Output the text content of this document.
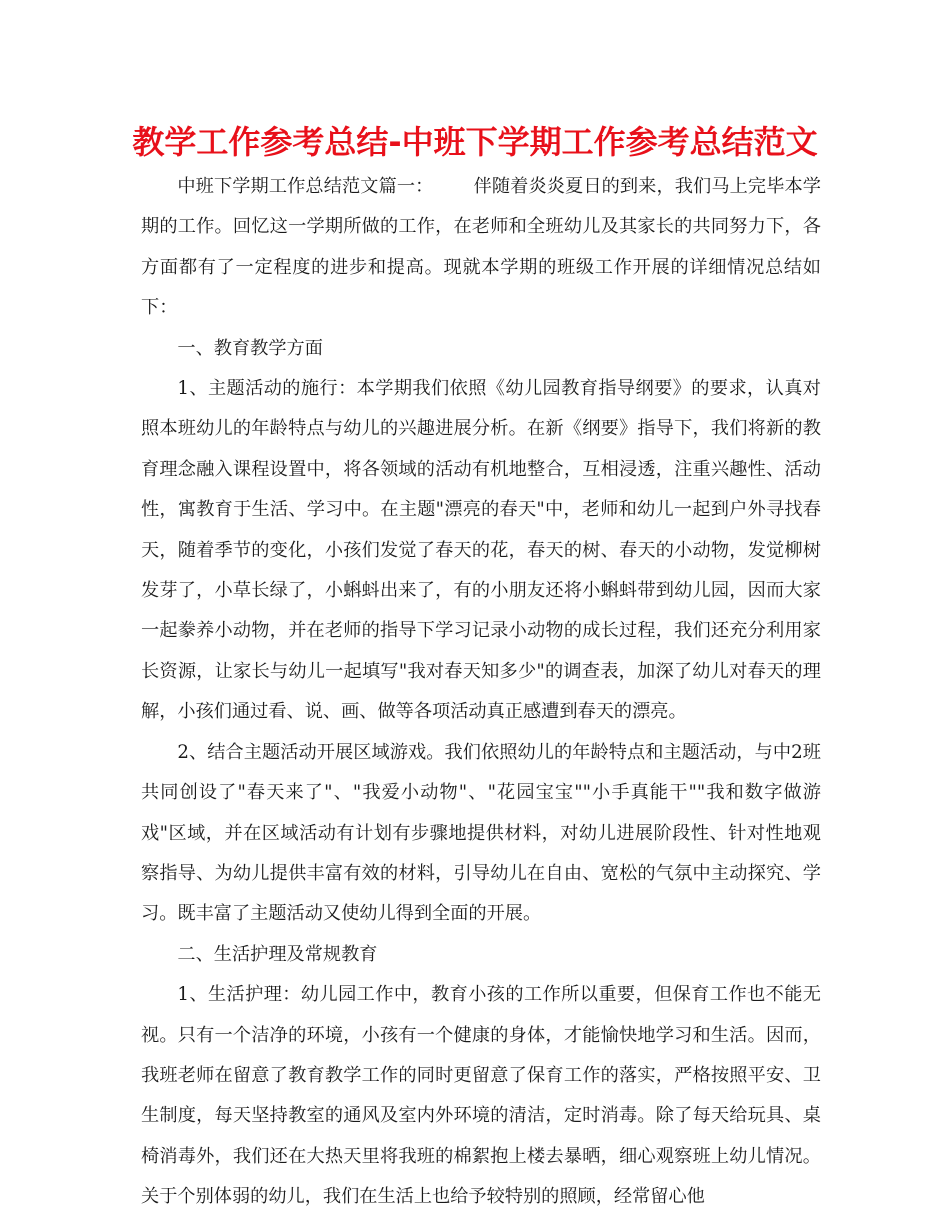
教学工作参考总结-中班下学期工作参考总结范文

中班下学期工作总结范文篇一： 伴随着炎炎夏日的到来，我们马上完毕本学期的工作。回忆这一学期所做的工作，在老师和全班幼儿及其家长的共同努力下，各方面都有了一定程度的进步和提高。现就本学期的班级工作开展的详细情况总结如下：

一、教育教学方面

1、主题活动的施行：本学期我们依照《幼儿园教育指导纲要》的要求，认真对照本班幼儿的年龄特点与幼儿的兴趣进展分析。在新《纲要》指导下，我们将新的教育理念融入课程设置中，将各领域的活动有机地整合，互相浸透，注重兴趣性、活动性，寓教育于生活、学习中。在主题"漂亮的春天"中，老师和幼儿一起到户外寻找春天，随着季节的变化，小孩们发觉了春天的花，春天的树、春天的小动物，发觉柳树发芽了，小草长绿了，小蝌蚪出来了，有的小朋友还将小蝌蚪带到幼儿园，因而大家一起豢养小动物，并在老师的指导下学习记录小动物的成长过程，我们还充分利用家长资源，让家长与幼儿一起填写"我对春天知多少"的调查表，加深了幼儿对春天的理解，小孩们通过看、说、画、做等各项活动真正感遭到春天的漂亮。

2、结合主题活动开展区域游戏。我们依照幼儿的年龄特点和主题活动，与中2班共同创设了"春天来了"、"我爱小动物"、"花园宝宝""小手真能干""我和数字做游戏"区域，并在区域活动有计划有步骤地提供材料，对幼儿进展阶段性、针对性地观察指导、为幼儿提供丰富有效的材料，引导幼儿在自由、宽松的气氛中主动探究、学习。既丰富了主题活动又使幼儿得到全面的开展。

二、生活护理及常规教育

1、生活护理：幼儿园工作中，教育小孩的工作所以重要，但保育工作也不能无视。只有一个洁净的环境，小孩有一个健康的身体，才能愉快地学习和生活。因而，我班老师在留意了教育教学工作的同时更留意了保育工作的落实，严格按照平安、卫生制度，每天坚持教室的通风及室内外环境的清洁，定时消毒。除了每天给玩具、桌椅消毒外，我们还在大热天里将我班的棉絮抱上楼去暴晒，细心观察班上幼儿情况。关于个别体弱的幼儿，我们在生活上也给予较特别的照顾，经常留心他
